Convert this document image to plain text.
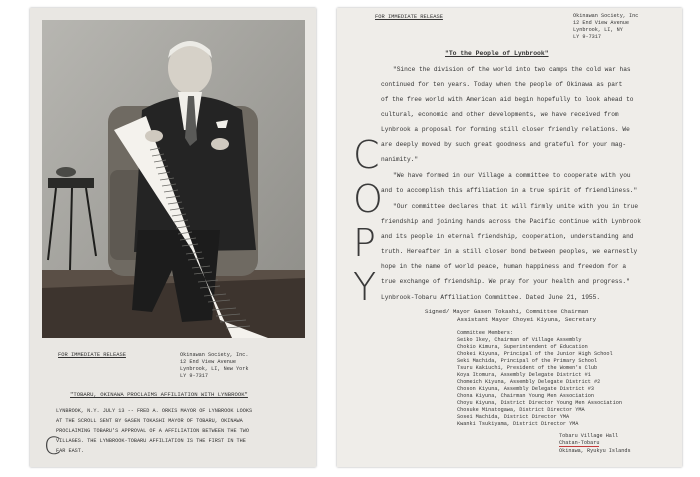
FOR IMMEDIATE RELEASE	Okinawan Society, Inc.
12 End View Avenue
Lynbrook, LI, New York
LY 9-7317
"TOBARU, OKINAWA PROCLAIMS AFFILIATION WITH LYNBROOK"
LYNBROOK, N.Y. JULY 13 -- FRED A. ORKIS MAYOR OF LYNBROOK LOOKS
AT THE SCROLL SENT BY GASEN TOKASHI MAYOR OF TOBARU, OKINAWA
PROCLAIMING TOBARU'S APPROVAL OF A AFFILIATION BETWEEN THE TWO
VILLAGES. THE LYNBROOK-TOBARU AFFILIATION IS THE FIRST IN THE
FAR EAST.
C
FOR IMMEDIATE RELEASE	Okinawan Society, Inc
12 End View Avenue
Lynbrook, LI, NY
LY 9-7317
"To the People of Lynbrook"
C
O
P
Y
"Since the division of the world into two camps the cold war has
continued for ten years. Today when the people of Okinawa as part
of the free world with American aid begin hopefully to look ahead to
cultural, economic and other developments, we have received from
Lynbrook a proposal for forming still closer friendly relations. We
are deeply moved by such great goodness and grateful for your mag-
nanimity."
"We have formed in our Village a committee to cooperate with you
and to accomplish this affiliation in a true spirit of friendliness."
"Our committee declares that it will firmly unite with you in true
friendship and joining hands across the Pacific continue with Lynbrook
and its people in eternal friendship, cooperation, understanding and
truth. Hereafter in a still closer bond between peoples, we earnestly
hope in the name of world peace, human happiness and freedom for a
true exchange of friendship. We pray for your health and progress."
Lynbrook-Tobaru Affiliation Committee. Dated June 21, 1955.
Signed/ Mayor Gasen Tokashi, Committee Chairman
Assistant Mayor Choyei Kiyuna, Secretary
Committee Members:
Seiko Ikey, Chairman of Village Assembly
Chokio Kimura, Superintendent of Education
Chokei Kiyuna, Principal of the Junior High School
Seki Machida, Principal of the Primary School
Tsuru Kakiuchi, President of the Women's Club
Koya Itomura, Assembly Delegate District #1
Chomeich Kiyuna, Assembly Delegate District #2
Choson Kiyuna, Assembly Delegate District #3
Chona Kiyuna, Chairman Young Men Association
Choyu Kiyuna, District Director Young Men Association
Chosuke Minatogawa, District Director YMA
Sosei Machida, District Director YMA
Kwanki Tsukiyama, District Director YMA
Tobaru Village Hall
Chatan-Tobaru
Okinawa, Ryukyu Islands
